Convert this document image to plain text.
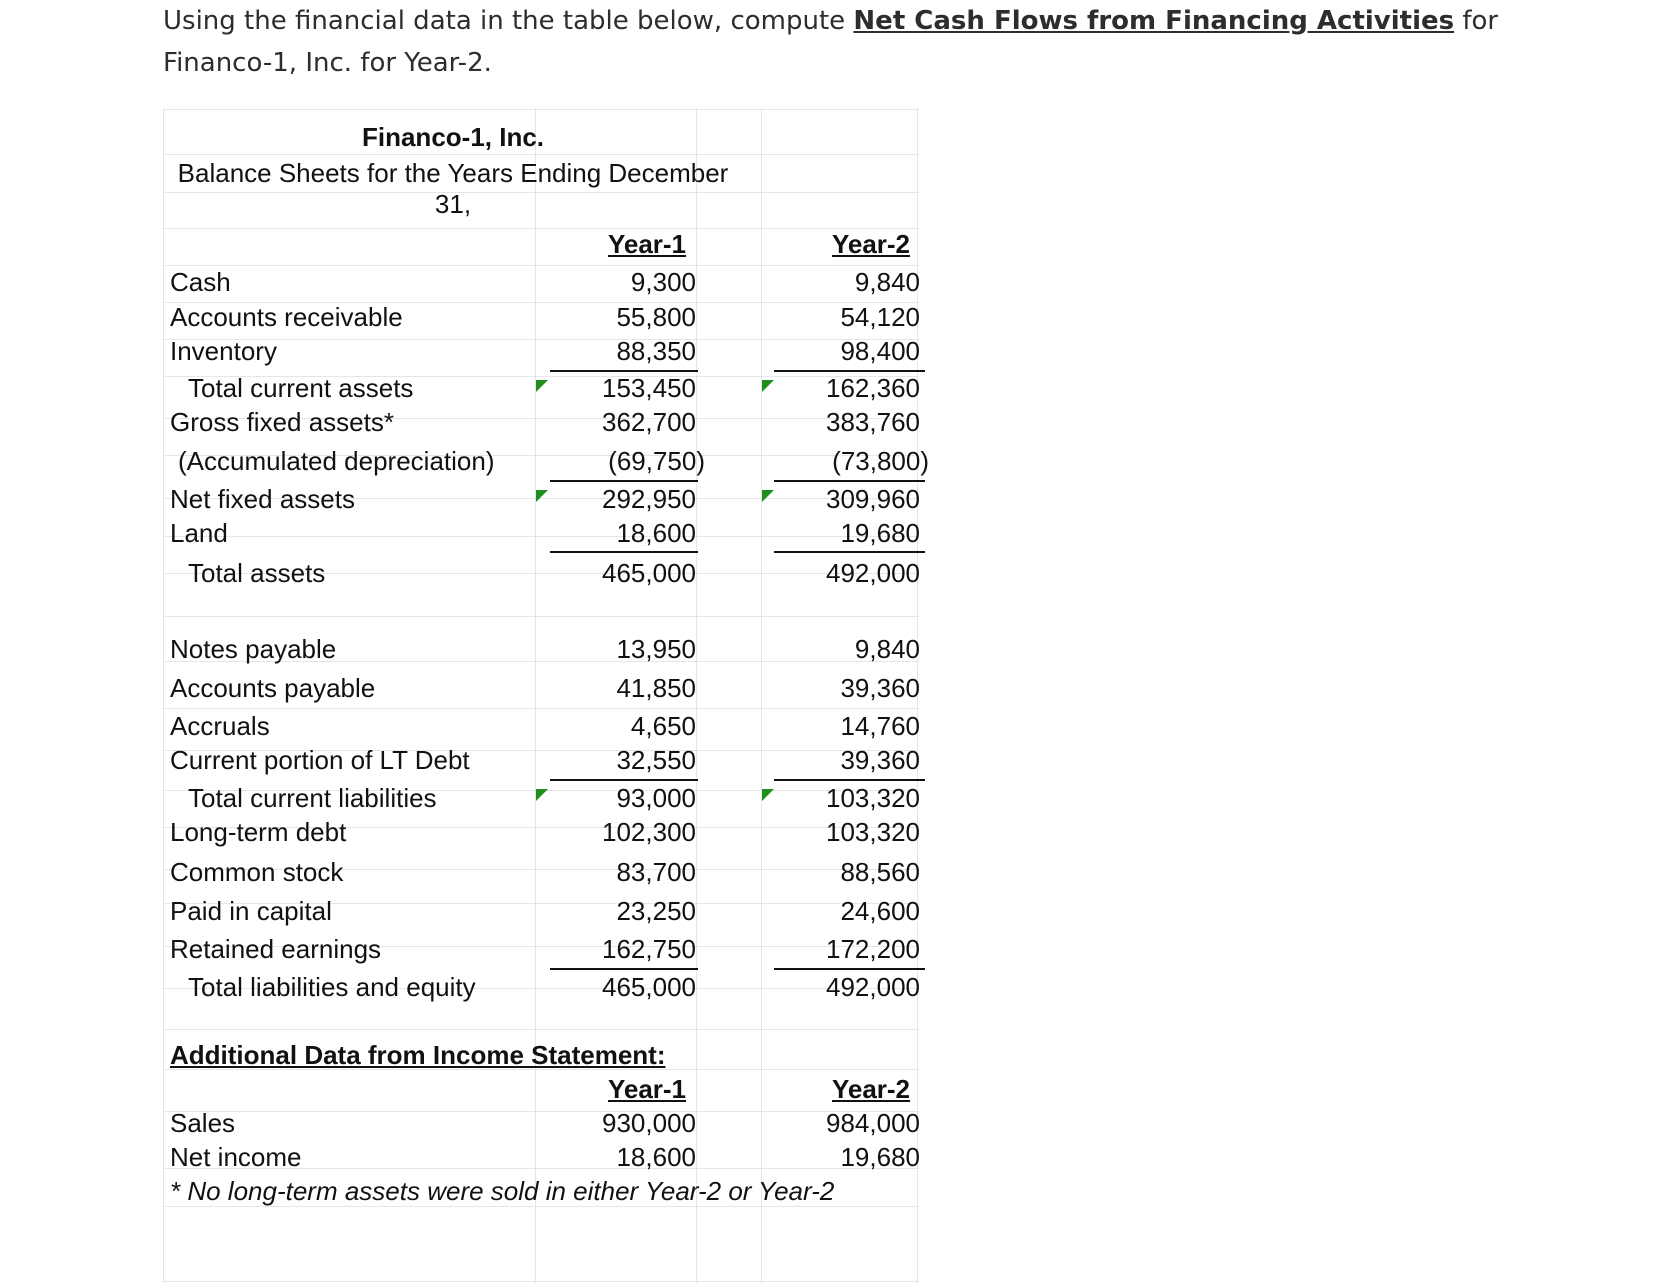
Using the financial data in the table below, compute Net Cash Flows from Financing Activities for Financo-1, Inc. for Year-2.
Financo-1, Inc.
Balance Sheets for the Years Ending December 31,
Year-1	Year-2
Cash	9,300	9,840
Accounts receivable	55,800	54,120
Inventory	88,350	98,400
Total current assets	153,450	162,360
Gross fixed assets*	362,700	383,760
(Accumulated depreciation)	(69,750)	(73,800)
Net fixed assets	292,950	309,960
Land	18,600	19,680
Total assets	465,000	492,000
Notes payable	13,950	9,840
Accounts payable	41,850	39,360
Accruals	4,650	14,760
Current portion of LT Debt	32,550	39,360
Total current liabilities	93,000	103,320
Long-term debt	102,300	103,320
Common stock	83,700	88,560
Paid in capital	23,250	24,600
Retained earnings	162,750	172,200
Total liabilities and equity	465,000	492,000
Additional Data from Income Statement:
Year-1	Year-2
Sales	930,000	984,000
Net income	18,600	19,680
* No long-term assets were sold in either Year-2 or Year-2
